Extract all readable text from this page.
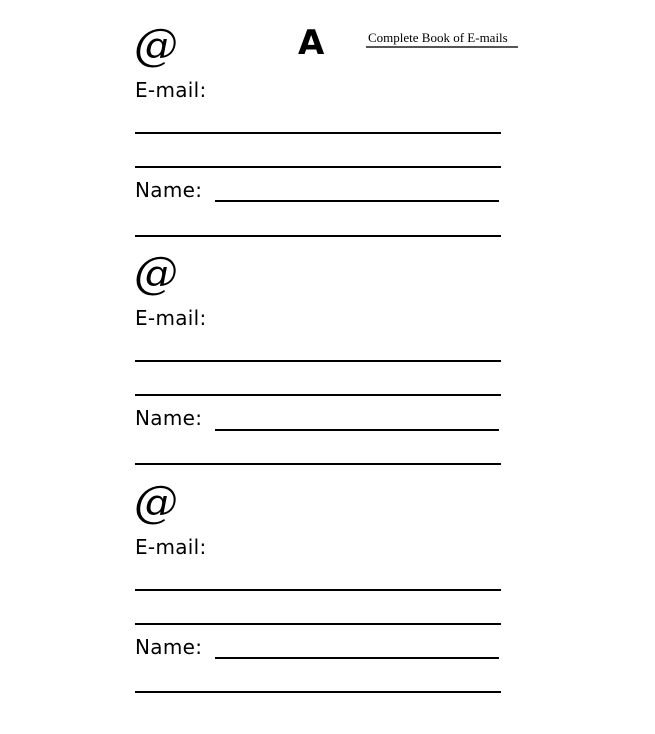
A	Complete Book of E-mails
@
E-mail:
Name:
@
E-mail:
Name:
@
E-mail:
Name:
